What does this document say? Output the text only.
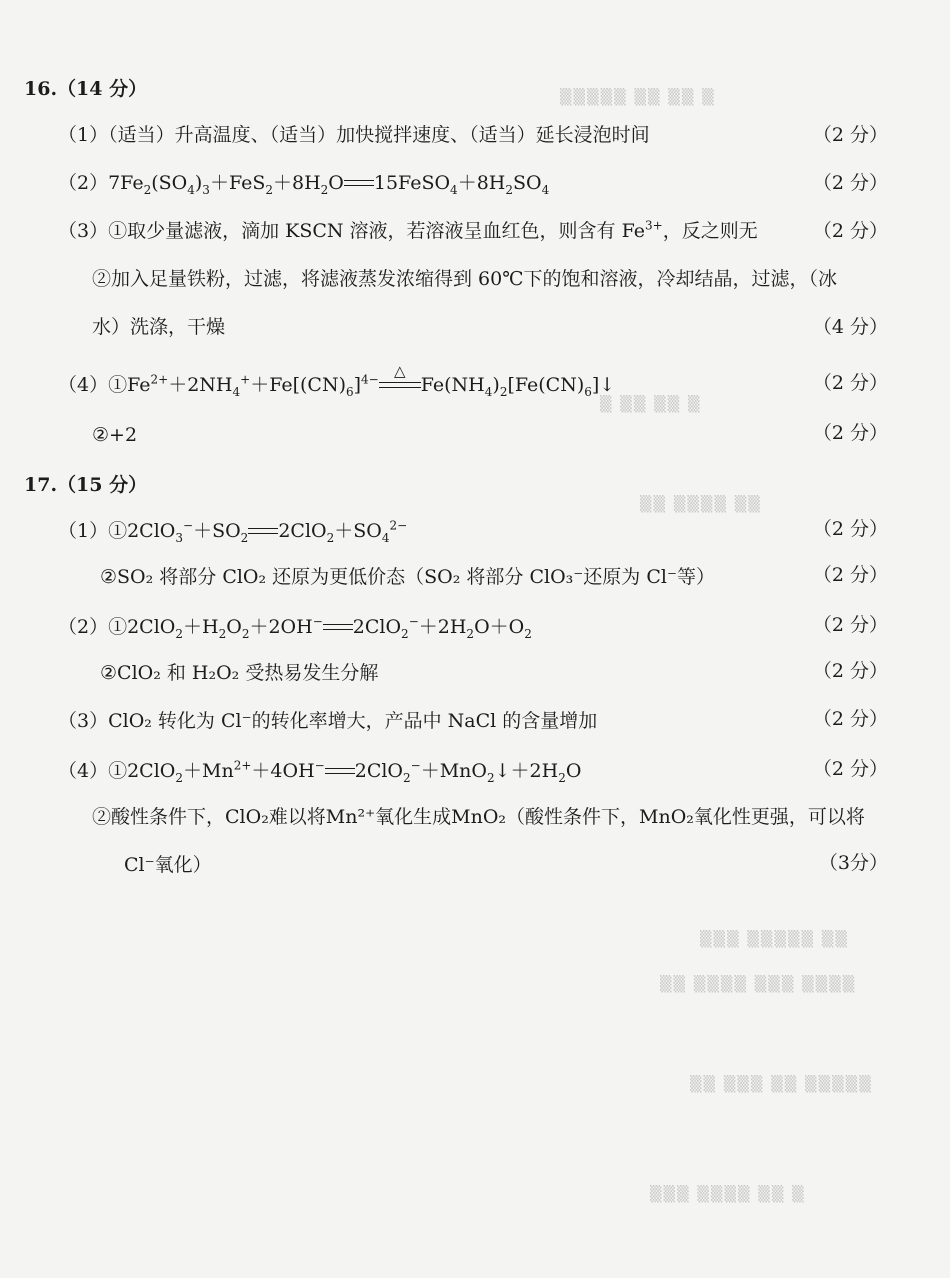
▒▒▒▒▒ ▒▒ ▒▒ ▒
▒ ▒▒ ▒▒ ▒
▒▒ ▒▒▒▒ ▒▒
▒▒▒ ▒▒▒▒▒ ▒▒
▒▒ ▒▒▒▒ ▒▒▒ ▒▒▒▒
▒▒ ▒▒▒ ▒▒ ▒▒▒▒▒
▒▒▒ ▒▒▒▒ ▒▒ ▒
16.（14 分）
（1）（适当）升高温度、（适当）加快搅拌速度、（适当）延长浸泡时间	（2 分）
$(2)7Fe_2(SO_4)_3+FeS_2+8H_2O$ $15FeSO_4+8H_2SO_4$	（2 分）
（3）①取少量滤液，滴加 KSCN 溶液，若溶液呈血红色，则含有 $Fe^{3+}$，反之则无	（2 分）
②加入足量铁粉，过滤，将滤液蒸发浓缩得到 60℃下的饱和溶液，冷却结晶，过滤，（冰
水）洗涤，干燥	（4 分）
$(4)①Fe^{2+}+2NH_4^++Fe[(CN)_6]^{4-}$	△
$Fe(NH_4)_2[Fe(CN)_6]↓$	（2 分）
②+2	（2 分）
17.（15 分）
$(1)①2ClO_3^-+SO_2$ $2ClO_2+SO_4^{2-}$	（2 分）
②SO₂ 将部分 ClO₂ 还原为更低价态（SO₂ 将部分 ClO₃⁻还原为 Cl⁻等）	（2 分）
$(2)①2ClO_2+H_2O_2+2OH^-$ $2ClO_2^-+2H_2O+O_2$	（2 分）
②ClO₂ 和 H₂O₂ 受热易发生分解	（2 分）
（3）ClO₂ 转化为 Cl⁻的转化率增大，产品中 NaCl 的含量增加	（2 分）
$(4)①2ClO_2+Mn^{2+}+4OH^-$ $2ClO_2^-+MnO_2↓+2H_2O$	（2 分）
②酸性条件下，ClO₂难以将Mn²⁺氧化生成MnO₂（酸性条件下，MnO₂氧化性更强，可以将
Cl⁻氧化）	（3分）
